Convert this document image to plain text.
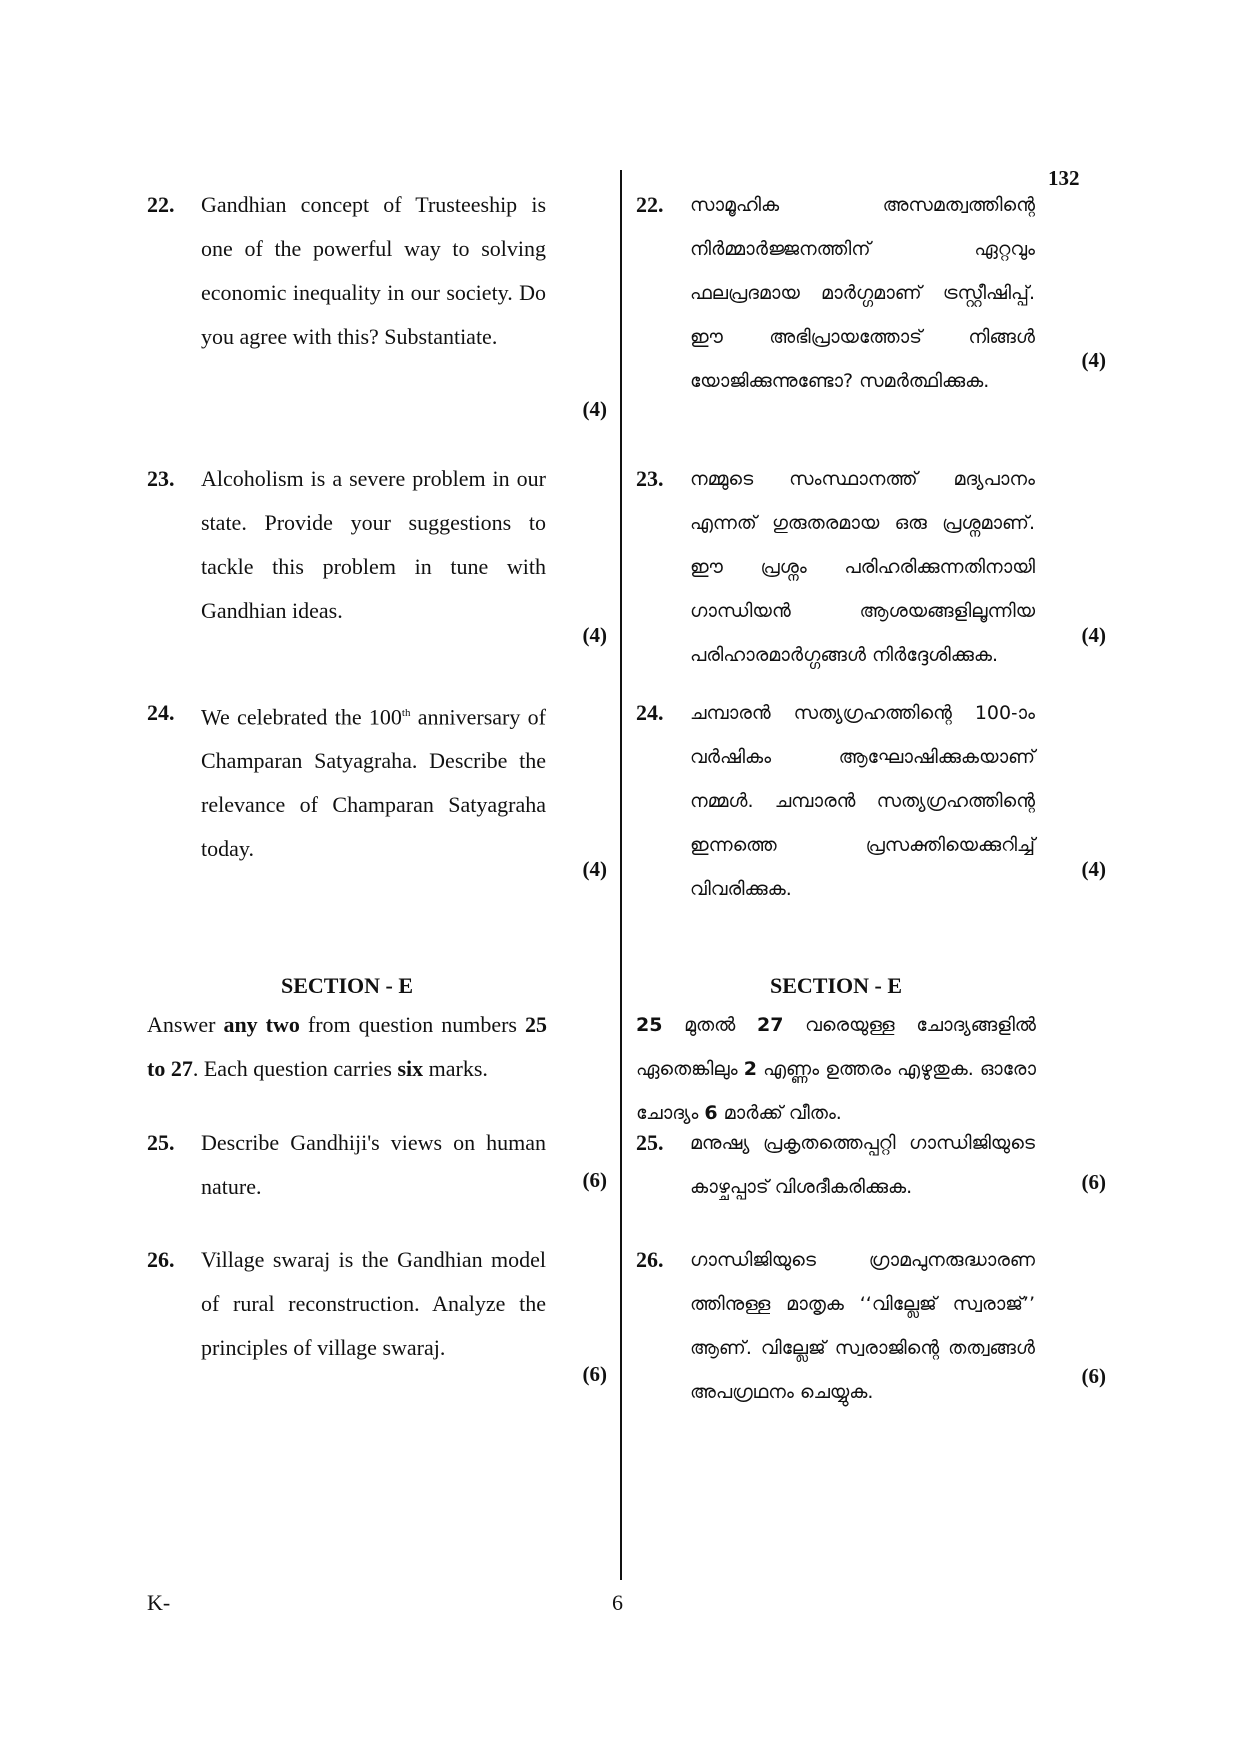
132
22. Gandhian concept of Trusteeship is one of the powerful way to solving economic inequality in our society. Do you agree with this? Substantiate.
(4)
23. Alcoholism is a severe problem in our state. Provide your suggestions to tackle this problem in tune with Gandhian ideas.
(4)
24. We celebrated the 100th anniversary of Champaran Satyagraha. Describe the relevance of Champaran Satyagraha today.
(4)
SECTION - E
Answer any two from question numbers 25 to 27. Each question carries six marks.
25. Describe Gandhiji's views on human nature.	(6)
26. Village swaraj is the Gandhian model of rural reconstruction. Analyze the principles of village swaraj.
(6)
22. സാമൂഹിക അസമത്വത്തിന്റെ നിർമ്മാർജ്ജനത്തിന് ഏറ്റവും ഫലപ്രദമായ മാർഗ്ഗമാണ് ട്രസ്റ്റീഷിപ്പ്. ഈ അഭിപ്രായത്തോട് നിങ്ങൾ യോജിക്കുന്നുണ്ടോ? സമർത്ഥിക്കുക.
(4)
23. നമ്മുടെ സംസ്ഥാനത്ത് മദ്യപാനം എന്നത് ഗുരുതരമായ ഒരു പ്രശ്നമാണ്. ഈ പ്രശ്നം പരിഹരിക്കുന്നതിനായി ഗാന്ധിയൻ ആശയങ്ങളിലൂന്നിയ പരിഹാരമാർഗ്ഗങ്ങൾ നിർദ്ദേശിക്കുക.
(4)
24. ചമ്പാരൻ സത്യഗ്രഹത്തിന്റെ 100-ാം വർഷികം ആഘോഷിക്കുകയാണ് നമ്മൾ. ചമ്പാരൻ സത്യഗ്രഹത്തിന്റെ ഇന്നത്തെ പ്രസക്തിയെക്കുറിച്ച് വിവരിക്കുക.
(4)
SECTION - E
25 മുതൽ 27 വരെയുള്ള ചോദ്യങ്ങളിൽ ഏതെങ്കിലും 2 എണ്ണം ഉത്തരം എഴുതുക. ഓരോ ചോദ്യം 6 മാർക്ക് വീതം.
25. മനുഷ്യ പ്രകൃതത്തെപ്പറ്റി ഗാന്ധിജിയുടെ കാഴ്ചപ്പാട് വിശദീകരിക്കുക.	(6)
26. ഗാന്ധിജിയുടെ ഗ്രാമപുനരുദ്ധാരണ ത്തിനുള്ള മാതൃക ‘‘വില്ലേജ് സ്വരാജ്’’ ആണ്. വില്ലേജ് സ്വരാജിന്റെ തത്വങ്ങൾ അപഗ്രഥനം ചെയ്യുക.
(6)
K-	6
